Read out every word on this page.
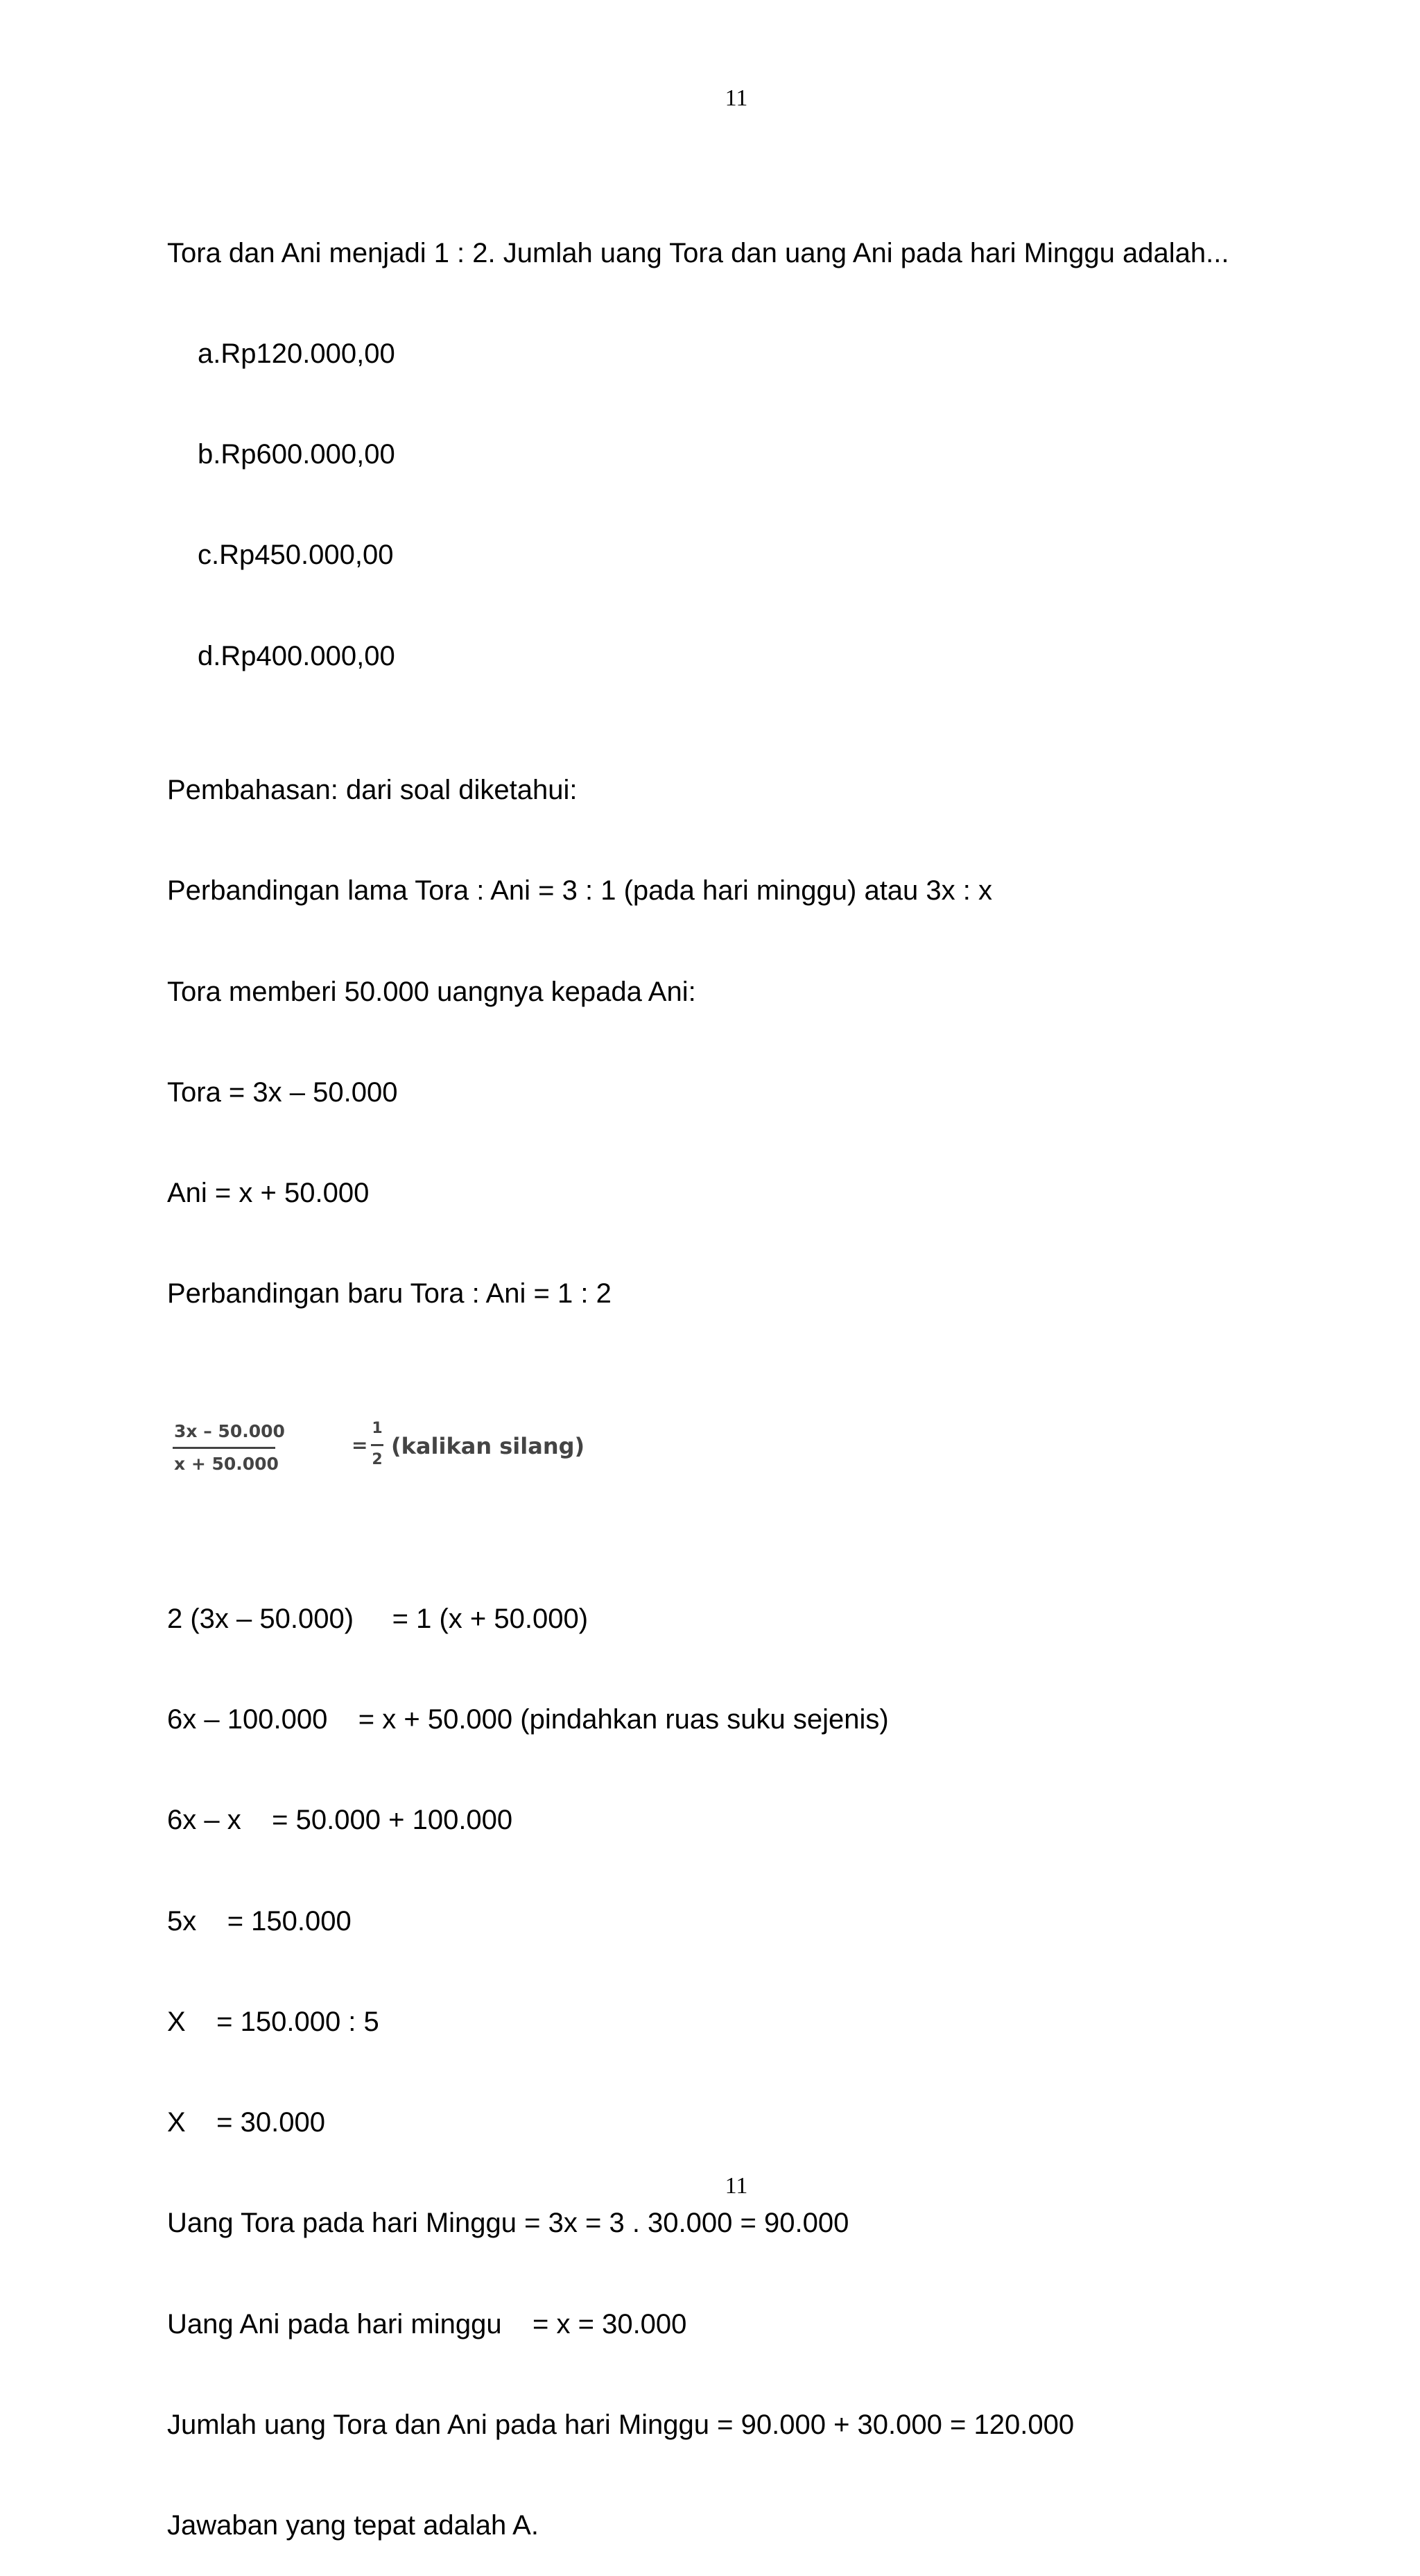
11

Tora dan Ani menjadi 1 : 2. Jumlah uang Tora dan uang Ani pada hari Minggu adalah...

a.Rp120.000,00

b.Rp600.000,00

c.Rp450.000,00

d.Rp400.000,00

Pembahasan: dari soal diketahui:

Perbandingan lama Tora : Ani = 3 : 1 (pada hari minggu) atau 3x : x

Tora memberi 50.000 uangnya kepada Ani:

Tora = 3x – 50.000

Ani = x + 50.000

Perbandingan baru Tora : Ani = 1 : 2

3x – 50.000

x + 50.000

=

1

2

(kalikan silang)

2 (3x – 50.000)     = 1 (x + 50.000)

6x – 100.000    = x + 50.000 (pindahkan ruas suku sejenis)

6x – x    = 50.000 + 100.000

5x    = 150.000

X    = 150.000 : 5

X    = 30.000

Uang Tora pada hari Minggu = 3x = 3 . 30.000 = 90.000

Uang Ani pada hari minggu    = x = 30.000

Jumlah uang Tora dan Ani pada hari Minggu = 90.000 + 30.000 = 120.000

Jawaban yang tepat adalah A.

11
